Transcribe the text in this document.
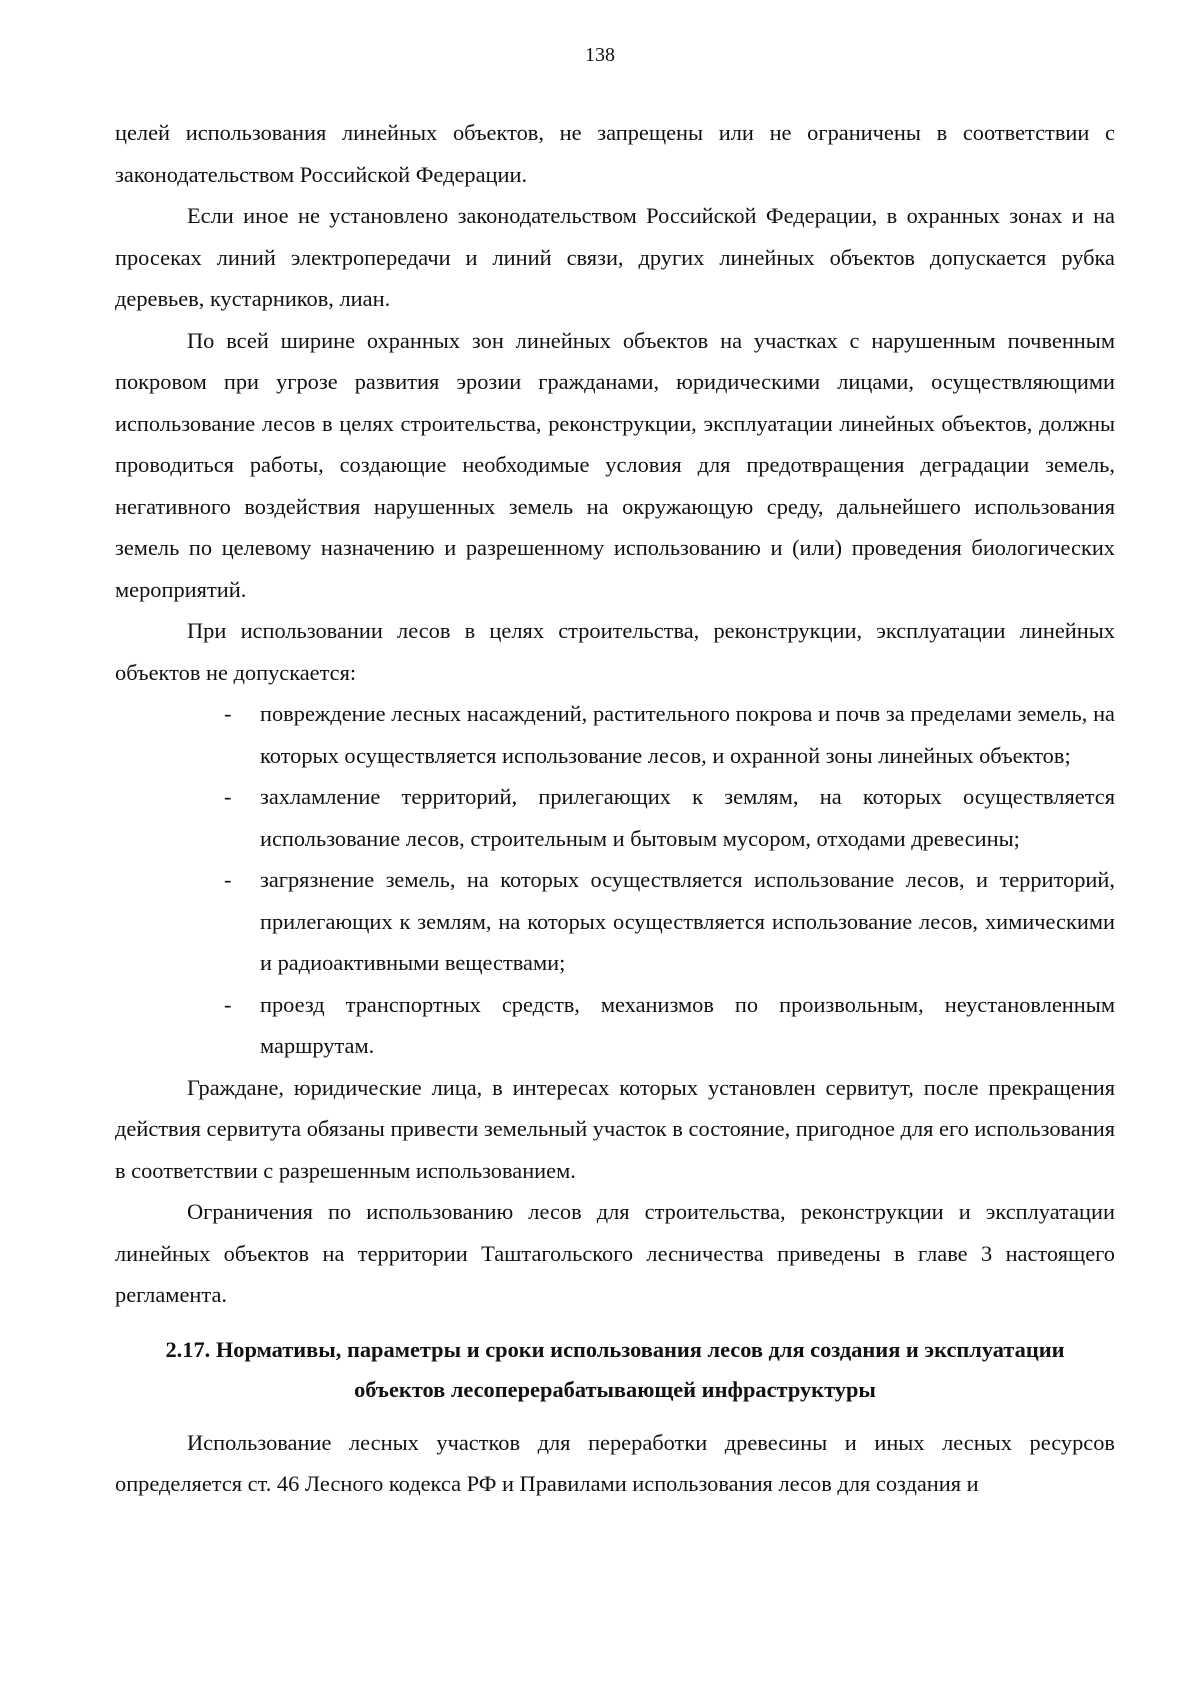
138

целей использования линейных объектов, не запрещены или не ограничены в соответствии с законодательством Российской Федерации.

Если иное не установлено законодательством Российской Федерации, в охранных зонах и на просеках линий электропередачи и линий связи, других линейных объектов допускается рубка деревьев, кустарников, лиан.

По всей ширине охранных зон линейных объектов на участках с нарушенным почвенным покровом при угрозе развития эрозии гражданами, юридическими лицами, осуществляющими использование лесов в целях строительства, реконструкции, эксплуатации линейных объектов, должны проводиться работы, создающие необходимые условия для предотвращения деградации земель, негативного воздействия нарушенных земель на окружающую среду, дальнейшего использования земель по целевому назначению и разрешенному использованию и (или) проведения биологических мероприятий.

При использовании лесов в целях строительства, реконструкции, эксплуатации линейных объектов не допускается:

- повреждение лесных насаждений, растительного покрова и почв за пределами земель, на которых осуществляется использование лесов, и охранной зоны линейных объектов;
- захламление территорий, прилегающих к землям, на которых осуществляется использование лесов, строительным и бытовым мусором, отходами древесины;
- загрязнение земель, на которых осуществляется использование лесов, и территорий, прилегающих к землям, на которых осуществляется использование лесов, химическими и радиоактивными веществами;
- проезд транспортных средств, механизмов по произвольным, неустановленным маршрутам.

Граждане, юридические лица, в интересах которых установлен сервитут, после прекращения действия сервитута обязаны привести земельный участок в состояние, пригодное для его использования в соответствии с разрешенным использованием.

Ограничения по использованию лесов для строительства, реконструкции и эксплуатации линейных объектов на территории Таштагольского лесничества приведены в главе 3 настоящего регламента.

2.17. Нормативы, параметры и сроки использования лесов для создания и эксплуатации
объектов лесоперерабатывающей инфраструктуры

Использование лесных участков для переработки древесины и иных лесных ресурсов определяется ст. 46 Лесного кодекса РФ и Правилами использования лесов для создания и
